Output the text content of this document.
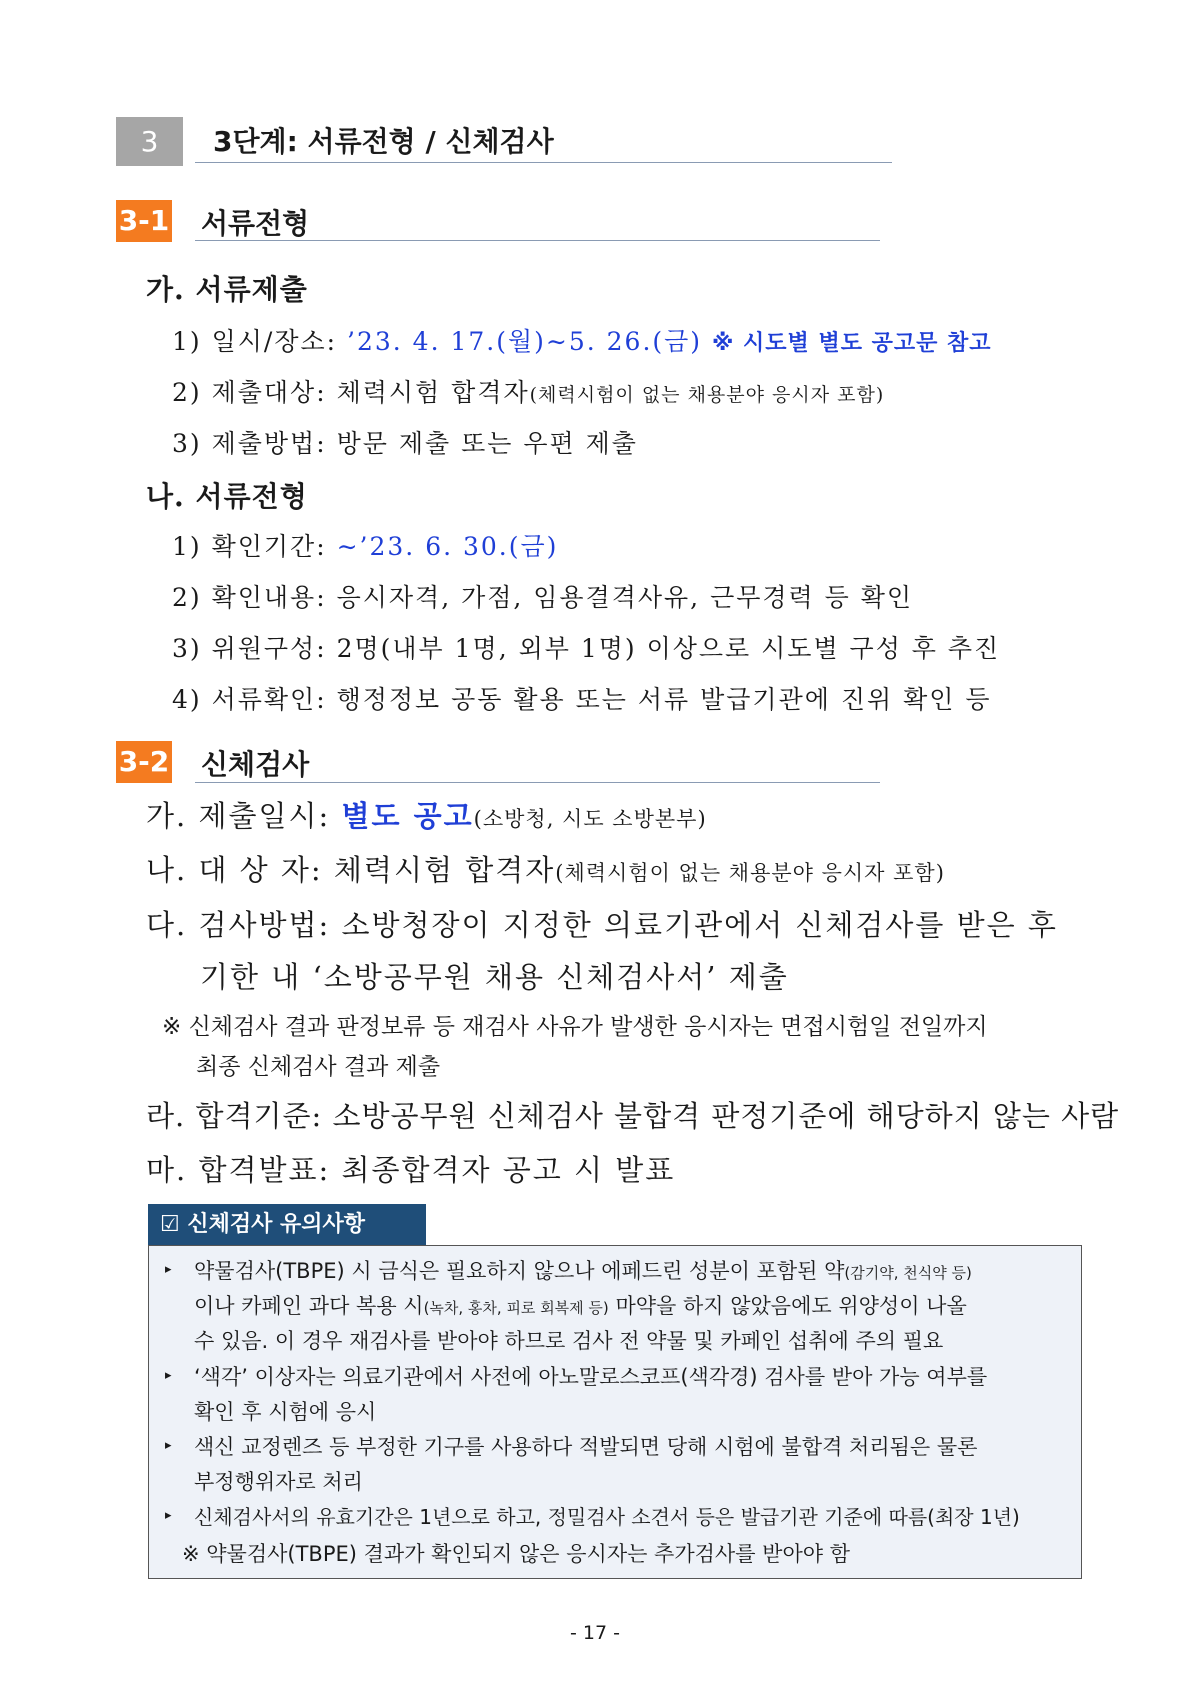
3	3단계: 서류전형 / 신체검사
3-1 서류전형
가. 서류제출
1) 일시/장소: ’23. 4. 17.(월)∼5. 26.(금) ※ 시도별 별도 공고문 참고
2) 제출대상: 체력시험 합격자(체력시험이 없는 채용분야 응시자 포함)
3) 제출방법: 방문 제출 또는 우편 제출
나. 서류전형
1) 확인기간: ∼’23. 6. 30.(금)
2) 확인내용: 응시자격, 가점, 임용결격사유, 근무경력 등 확인
3) 위원구성: 2명(내부 1명, 외부 1명) 이상으로 시도별 구성 후 추진
4) 서류확인: 행정정보 공동 활용 또는 서류 발급기관에 진위 확인 등
3-2 신체검사
가. 제출일시: 별도 공고(소방청, 시도 소방본부)
나. 대 상 자: 체력시험 합격자(체력시험이 없는 채용분야 응시자 포함)
다. 검사방법: 소방청장이 지정한 의료기관에서 신체검사를 받은 후
기한 내 ‘소방공무원 채용 신체검사서’ 제출
※ 신체검사 결과 판정보류 등 재검사 사유가 발생한 응시자는 면접시험일 전일까지
최종 신체검사 결과 제출
라. 합격기준: 소방공무원 신체검사 불합격 판정기준에 해당하지 않는 사람
마. 합격발표: 최종합격자 공고 시 발표
☑ 신체검사 유의사항
▸ 약물검사(TBPE) 시 금식은 필요하지 않으나 에페드린 성분이 포함된 약(감기약, 천식약 등)
이나 카페인 과다 복용 시(녹차, 홍차, 피로 회복제 등) 마약을 하지 않았음에도 위양성이 나올
수 있음. 이 경우 재검사를 받아야 하므로 검사 전 약물 및 카페인 섭취에 주의 필요
▸ ‘색각’ 이상자는 의료기관에서 사전에 아노말로스코프(색각경) 검사를 받아 가능 여부를
확인 후 시험에 응시
▸ 색신 교정렌즈 등 부정한 기구를 사용하다 적발되면 당해 시험에 불합격 처리됨은 물론
부정행위자로 처리
▸ 신체검사서의 유효기간은 1년으로 하고, 정밀검사 소견서 등은 발급기관 기준에 따름(최장 1년)
※ 약물검사(TBPE) 결과가 확인되지 않은 응시자는 추가검사를 받아야 함
- 17 -
